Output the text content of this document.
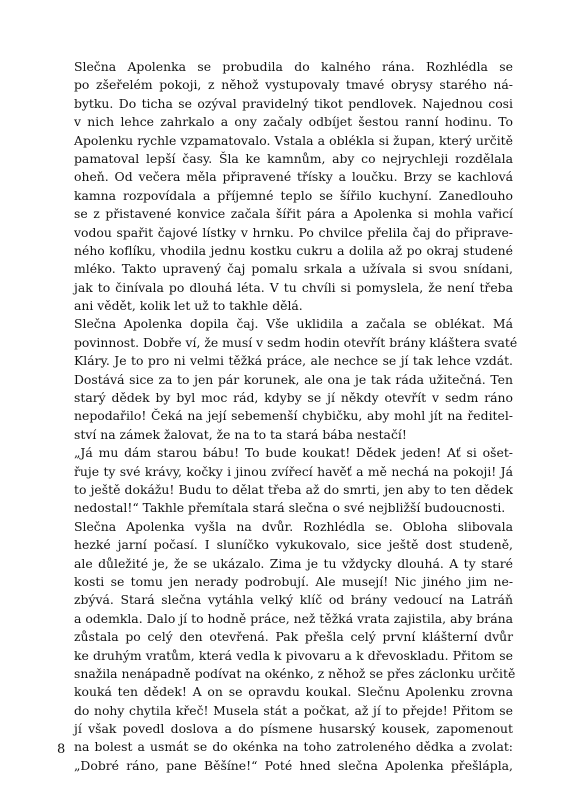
Slečna Apolenka se probudila do kalného rána. Rozhlédla se
po zšeřelém pokoji, z něhož vystupovaly tmavé obrysy starého ná-
bytku. Do ticha se ozýval pravidelný tikot pendlovek. Najednou cosi
v nich lehce zahrkalo a ony začaly odbíjet šestou ranní hodinu. To
Apolenku rychle vzpamatovalo. Vstala a oblékla si župan, který určitě
pamatoval lepší časy. Šla ke kamnům, aby co nejrychleji rozdělala
oheň. Od večera měla připravené třísky a loučku. Brzy se kachlová
kamna rozpovídala a příjemné teplo se šířilo kuchyní. Zanedlouho
se z přistavené konvice začala šířit pára a Apolenka si mohla vařicí
vodou spařit čajové lístky v hrnku. Po chvilce přelila čaj do připrave-
ného koflíku, vhodila jednu kostku cukru a dolila až po okraj studené
mléko. Takto upravený čaj pomalu srkala a užívala si svou snídani,
jak to činívala po dlouhá léta. V tu chvíli si pomyslela, že není třeba
ani vědět, kolik let už to takhle dělá.
Slečna Apolenka dopila čaj. Vše uklidila a začala se oblékat. Má
povinnost. Dobře ví, že musí v sedm hodin otevřít brány kláštera svaté
Kláry. Je to pro ni velmi těžká práce, ale nechce se jí tak lehce vzdát.
Dostává sice za to jen pár korunek, ale ona je tak ráda užitečná. Ten
starý dědek by byl moc rád, kdyby se jí někdy otevřít v sedm ráno
nepodařilo! Čeká na její sebemenší chybičku, aby mohl jít na ředitel-
ství na zámek žalovat, že na to ta stará bába nestačí!
„Já mu dám starou bábu! To bude koukat! Dědek jeden! Ať si ošet-
řuje ty své krávy, kočky i jinou zvířecí havěť a mě nechá na pokoji! Já
to ještě dokážu! Budu to dělat třeba až do smrti, jen aby to ten dědek
nedostal!“ Takhle přemítala stará slečna o své nejbližší budoucnosti.
Slečna Apolenka vyšla na dvůr. Rozhlédla se. Obloha slibovala
hezké jarní počasí. I sluníčko vykukovalo, sice ještě dost studeně,
ale důležité je, že se ukázalo. Zima je tu vždycky dlouhá. A ty staré
kosti se tomu jen nerady podrobují. Ale musejí! Nic jiného jim ne-
zbývá. Stará slečna vytáhla velký klíč od brány vedoucí na Latráň
a odemkla. Dalo jí to hodně práce, než těžká vrata zajistila, aby brána
zůstala po celý den otevřená. Pak přešla celý první klášterní dvůr
ke druhým vratům, která vedla k pivovaru a k dřevoskladu. Přitom se
snažila nenápadně podívat na okénko, z něhož se přes záclonku určitě
kouká ten dědek! A on se opravdu koukal. Slečnu Apolenku zrovna
do nohy chytila křeč! Musela stát a počkat, až jí to přejde! Přitom se
jí však povedl doslova a do písmene husarský kousek, zapomenout
na bolest a usmát se do okénka na toho zatroleného dědka a zvolat:
„Dobré ráno, pane Běšíne!“ Poté hned slečna Apolenka přešlápla,
8
